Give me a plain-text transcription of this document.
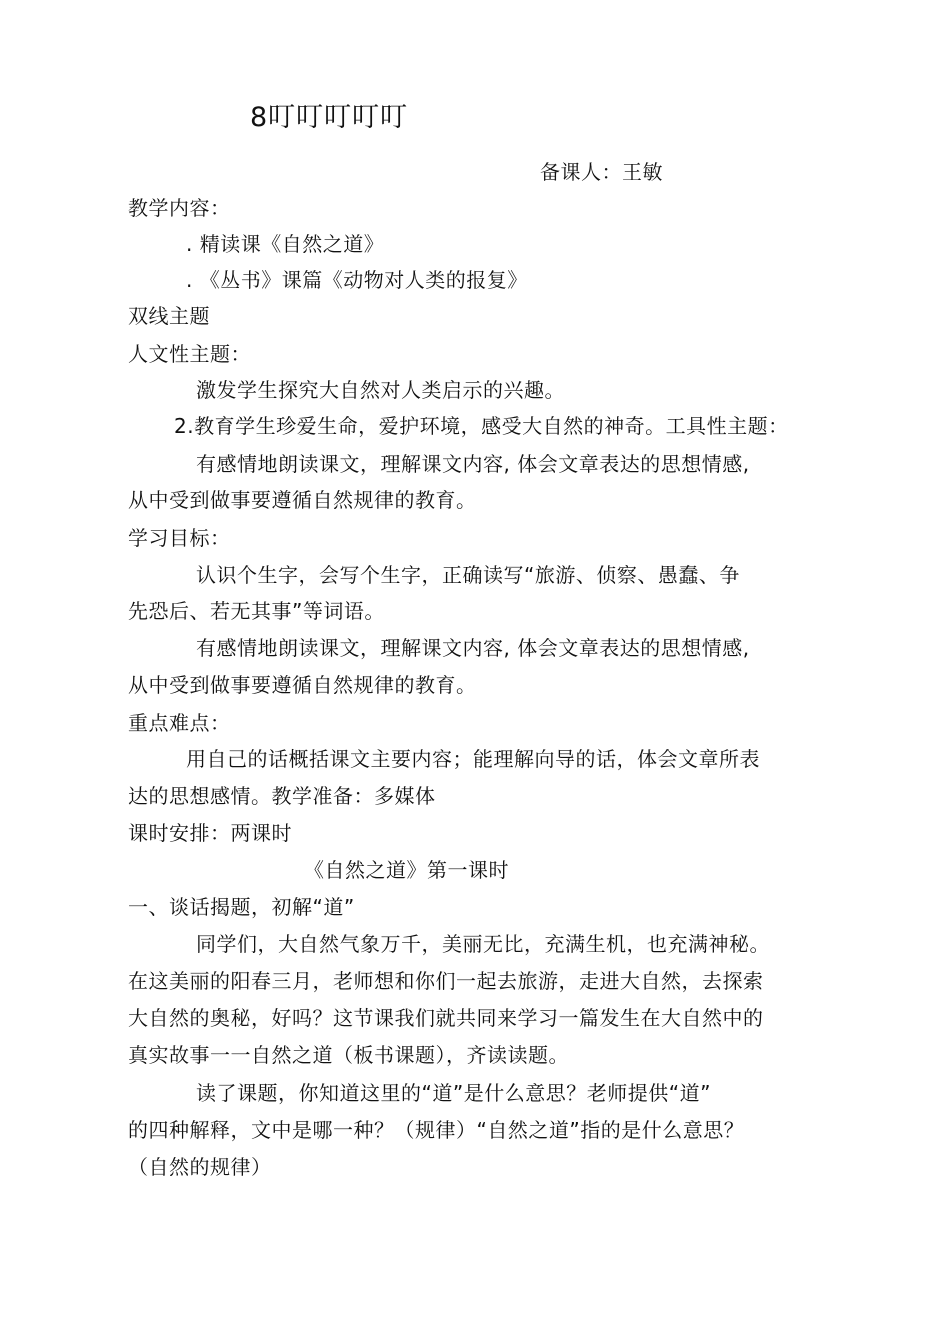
8叮叮叮叮叮
备课人：王敏
教学内容：
. 精读课《自然之道》
. 《丛书》课篇《动物对人类的报复》
双线主题
人文性主题：
激发学生探究大自然对人类启示的兴趣。
2.教育学生珍爱生命，爱护环境，感受大自然的神奇。工具性主题：
有感情地朗读课文，理解课文内容, 体会文章表达的思想情感,
从中受到做事要遵循自然规律的教育。
学习目标：
认识个生字，会写个生字，正确读写“旅游、侦察、愚蠢、争
先恐后、若无其事”等词语。
有感情地朗读课文，理解课文内容, 体会文章表达的思想情感,
从中受到做事要遵循自然规律的教育。
重点难点：
用自己的话概括课文主要内容；能理解向导的话，体会文章所表
达的思想感情。教学准备：多媒体
课时安排：两课时
《自然之道》第一课时
一、谈话揭题，初解“道”
同学们，大自然气象万千，美丽无比，充满生机，也充满神秘。
在这美丽的阳春三月，老师想和你们一起去旅游，走进大自然，去探索
大自然的奥秘，好吗？这节课我们就共同来学习一篇发生在大自然中的
真实故事一一自然之道（板书课题），齐读读题。
读了课题，你知道这里的“道”是什么意思？老师提供“道”
的四种解释，文中是哪一种？（规律）“自然之道”指的是什么意思？
（自然的规律）
